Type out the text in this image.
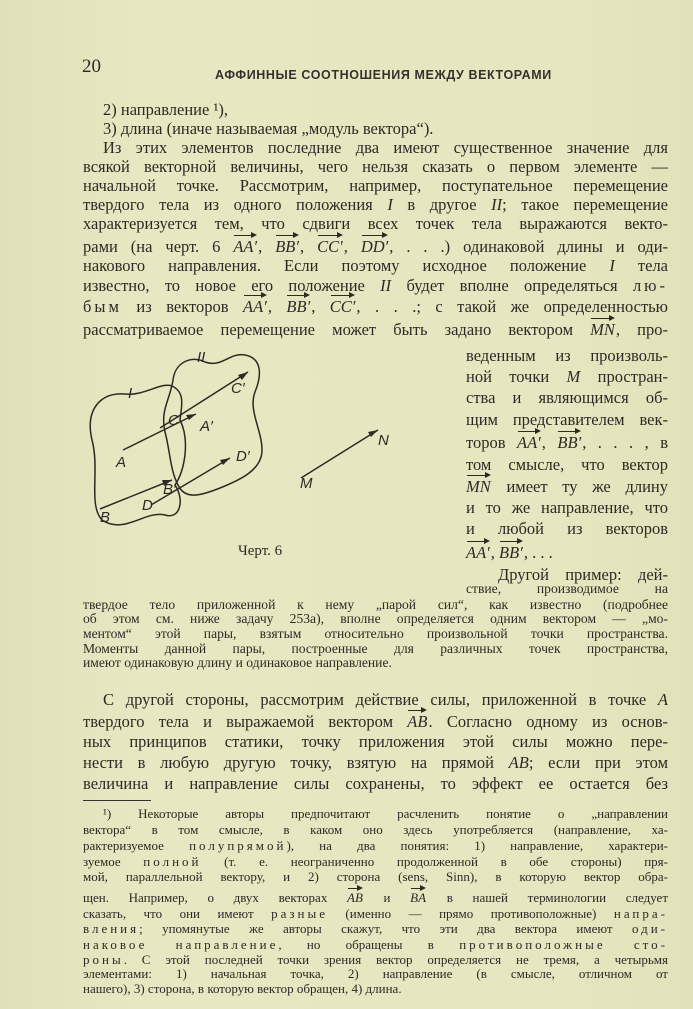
20	АФФИННЫЕ СООТНОШЕНИЯ МЕЖДУ ВЕКТОРАМИ
2) направление ¹),
3) длина (иначе называемая „модуль вектора“).
Из этих элементов последние два имеют существенное значение для
всякой векторной величины, чего нельзя сказать о первом элементе —
начальной точке. Рассмотрим, например, поступательное перемещение
твердого тела из одного положения I в другое II; такое перемещение
характеризуется тем, что сдвиги всех точек тела выражаются векто-
рами (на черт. 6 AA′, BB′, CC′, DD′, . . .) одинаковой длины и оди-
накового направления. Если поэтому исходное положение I тела
известно, то новое его положение II будет вполне определяться лю-
бым из векторов AA′, BB′, CC′, . . .; с такой же определенностью
рассматриваемое перемещение может быть задано вектором MN, про-
веденным из произволь-
ной точки M простран-
ства и являющимся об-
щим представителем век-
торов AA′, BB′, . . . , в
том смысле, что вектор
MN имеет ту же длину
и то же направление, что
и любой из векторов
AA′, BB′, . . .
Другой пример: дей-
ствие, производимое на
твердое тело приложенной к нему „парой сил“, как известно (подробнее
об этом см. ниже задачу 253а), вполне определяется одним вектором — „мо-
ментом“ этой пары, взятым относительно произвольной точки пространства.
Моменты данной пары, построенные для различных точек пространства,
имеют одинаковую длину и одинаковое направление.
С другой стороны, рассмотрим действие силы, приложенной в точке A
твердого тела и выражаемой вектором AB. Согласно одному из основ-
ных принципов статики, точку приложения этой силы можно пере-
нести в любую другую точку, взятую на прямой AB; если при этом
величина и направление силы сохранены, то эффект ее остается без
¹) Некоторые авторы предпочитают расчленить понятие о „направлении
вектора“ в том смысле, в каком оно здесь употребляется (направление, ха-
рактеризуемое полупрямой), на два понятия: 1) направление, характери-
зуемое полной (т. е. неограниченно продолженной в обе стороны) пря-
мой, параллельной вектору, и 2) сторона (sens, Sinn), в которую вектор обра-
щен. Например, о двух векторах AB и BA в нашей терминологии следует
сказать, что они имеют разные (именно — прямо противоположные) напра-
вления; упомянутые же авторы скажут, что эти два вектора имеют оди-
наковое направление, но обращены в противоположные сто-
роны. С этой последней точки зрения вектор определяется не тремя, а четырьмя
элементами: 1) начальная точка, 2) направление (в смысле, отличном от
нашего), 3) сторона, в которую вектор обращен, 4) длина.
I
II
C
C′
A′
A	D′
B′
D
B
N
M
Черт. 6
